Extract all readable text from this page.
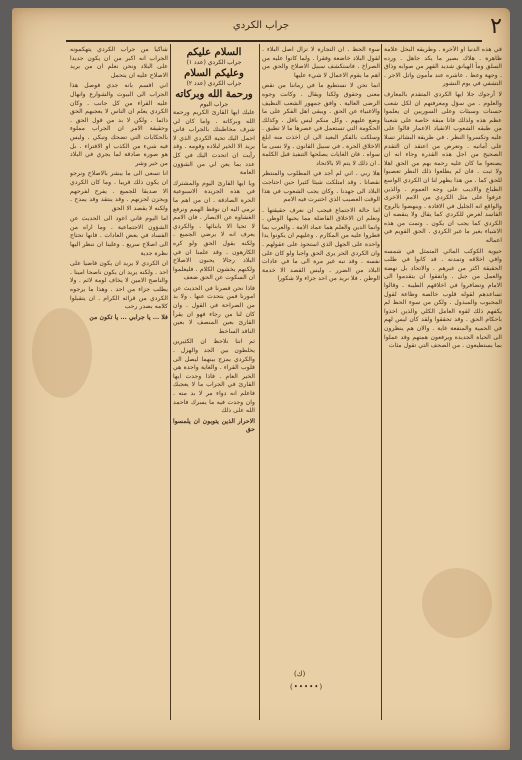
٢
جراب الكردي

في هذه الدنيا او الآخرة . وطريقه البخل علامة ظاهرة . هلاك بصير ما يكد جاهل . ورده السلق ومأ الهيانق شديد القهر من صوابه وذاق . وجهة وعظ . عاشره عند مأمون واتل الاجر . التشفي في يوم النشور

لا أرجوك جلا ايها الكردي المتقدم بالمعارف والعلوم . من سؤل ومعرفتهم ان لكل شعب حسنات وسيئات وعلى السوريين ان يعلموا عظم هذه ولذلك فانا مبقة خاصة على شعبنا من طبقه الشعوب الانقياد الاعمار قالوا على عليه وتكسروا النظر . في طريقة البشائر تسلا على أمانيه . وتعرض من اعتقد ان التقدم الصحيح من اجل هذه القدرة وجاء انه ان يصنعوا ما كان عليه رحمة بهم من الحق اهلا ولا ثبت . فان لم يطلعوا ذلك النظر تعصبوا للحق كما . من هذا يظهر لنا ان الكردي الواسع الطباع والاديب على وجه العموم . والذين عرفوا على مثل الكردي من الامم الاخرى والواقع انه الجليل في الافادة . وينهضوا بالروح الفاسد لغرض للكردي كما يقال ولا ينقصه ان الكردي كما يجب ان يكون . وتمت من هذه الاشياء بغير ما غير الكردي . الحق القويم في اعماله

حيوية الكوكب المائي المتمثل في شمسه وافي اخلاقه وتمدنه . قد كانوا في طلب الحقيقة اكثر من غيرهم . والاتحاد بل نهضة والعمل من جبل . واتفقوا ان يتقدموا الى الامام وتضافروا في اخلاقهم الطيبة . وقالوا تساعدهم لقوله قلوب خالصة وطاعة لقول المحبوب والمبذول . ولكن من سوء الحظ لم يكفهم ذلك لقوة العامل الكلي والذين اخذوا باحكام الحق . وقد تحققوا ولقد كان ليس لهم في الحمية والمنفعة غاية . والان هم ينظرون الى الحياة الجديدة ويرفعون همتهم وقد عملوا بما يستطيعون . من الصحف التي تقول مئات

سوء الحظ . ان التجارة لا تزال اصل البلاء . لقول البلاد خاضعة وفقرا . ولما كانوا عليه من الصراخ . فاستكشف سبيل الاصلاح والحق من اهم ما يقوم الاعمال لا شيء عليها

انما نحن لا نستطيع ما في زماننا من نقص معنى وحقوق ولكنا ويقال . وكانت وجوه الرضى العالية . وافق جمهور الشعب النظيف والاغنياء عن الحق . ويبقى اهل الفكر على ما وضع عليهم . وكل منكم ليس باقل . وكذلك الحكومة التي تستعمل في عصرها ما لا تطيق . وسلكت بالفكر البعيد الى ان اخذت منه ابلغ الاخلاق الحرة . في سبيل القانون . ولا نسى ما سواه . فان الغايات يصلحها التنفيذ قبل الكلمة . ان ذلك لا يتم الا بالاتحاد

هلا ربي . اني لم أجد في المطلوب والمنتظر نقصانا . وقد امتلكت شيئا كثيرا حين احتاجت البلاد الى جهدنا . وكان يجب الشعوب في هذا الوقت العصيب الذي اختبرت فيه الامم

اما حالة الاجتماع فيجب ان نعرف حقيقتها . ونعلم ان الاخلاق الفاضلة مما يحبها الوطن . وانما الدين والعلم هما عماد الامة . والعرب بما فطروا عليه من المكارم . وعليهم ان يكونوا يدا واحدة على الجهل الذي استحوذ على عقولهم . وان الكردي الحر يرى الحق واجبا ولو كان على نفسه . وقد نبه غير مرة الى ما في عادات البلاد من الضرر . وليس القصد الا خدمة الوطن . فلا نريد من احد جزاء ولا شكورا

(ك)
(•••••)
السلام عليكم
جراب الكردي (عدد ١)
وعليكم السلام
جراب الكردي (عدد ٢)
ورحمة الله وبركاته
جراب اليوم

عليك ايها القارئ الكريم ورحمة الله وبركاته . واما كان لي شرف مخاطبتك بالجراب فاني احمل اليك تحية الكردي الذي لا يريد الا الخير لبلاده وقومه . وقد رأيت ان اتحدث اليك في كل عدد بما يعن لي من الشؤون العامة

ويا ايها القارئ اليوم والمشترك في هذه الجريدة الاسبوعية الحرة الصادقة . ان من اهم ما نرمي اليه ان نوقظ الهمم ونرفع الغشاوة عن الابصار . فان الامم لا تحيا الا بابنائها . والكردي يعرف انه لا يرضي الجميع . ولكنه يقول الحق ولو كره الكارهون . وقد علمنا ان في البلاد رجالا يحبون الاصلاح ولكنهم يخشون الكلام . فليعلموا ان السكوت عن الحق ضعف

فاذا نحن قصرنا في الحديث عن امورنا فمن يتحدث عنها . ولا بد من الصراحة في القول . وان كان لنا من رجاء فهو ان يقرأ القارئ بعين المنصف لا بعين الناقد الساخط

ثم اننا نلاحظ ان الكثيرين يخلطون بين الجد والهزل . والكردي يمزج بينهما ليصل الى قلوب القراء . والغاية واحدة هي الخير العام . فاذا وجدت ايها القارئ في الجراب ما لا يعجبك فاعلم انه دواء مر لا بد منه . وان وجدت فيه ما يسرك فاحمد الله على ذلك

الاحرار الذين يتوبون ان يلمسوا حق

شاكيا من جراب الكردي يتهكمونه الجراب انه اكبر من ان يكون جديدا على البلاد ونحن نعلم ان من يريد الاصلاح عليه ان يتحمل

اني اقسم بانه جدي فوصل هذا الجراب الى البيوت والشوارع وانهال عليه القراء من كل جانب . وكان الكردي يعلم ان الناس لا يعجبهم الحق دائما . ولكن لا بد من قول الحق . وحقيقة الامر ان الجراب مملوء بالحكايات التي تضحك وتبكي . وليس فيه شيء من الكذب او الافتراء . بل هو صورة صادقة لما يجري في البلاد من خير وشر

انا تسعى الى ما يبشر بالاصلاح ونرجو ان يكون ذلك قريبا . وما كان الكردي الا صديقا للجميع . يفرح لفرحهم ويحزن لحزنهم . وقد ينتقد وقد يمدح . ولكنه لا يقصد الا الحق

اما اليوم فاني اعود الى الحديث عن الشؤون الاجتماعية . وما اراه من الفساد في بعض العادات . فانها تحتاج الى اصلاح سريع . وعلينا ان ننظر اليها نظرة جدية

ان الكردي لا يريد ان يكون قاضيا على احد . ولكنه يريد ان يكون ناصحا امينا . والناصح الامين لا يخاف لومة لائم . ولا يطلب جزاء من احد . وهذا ما يرجوه الكردي من قرائه الكرام . ان يتقبلوا كلامه بصدر رحب

فلا ... يا جرابي ... يا تكون من
